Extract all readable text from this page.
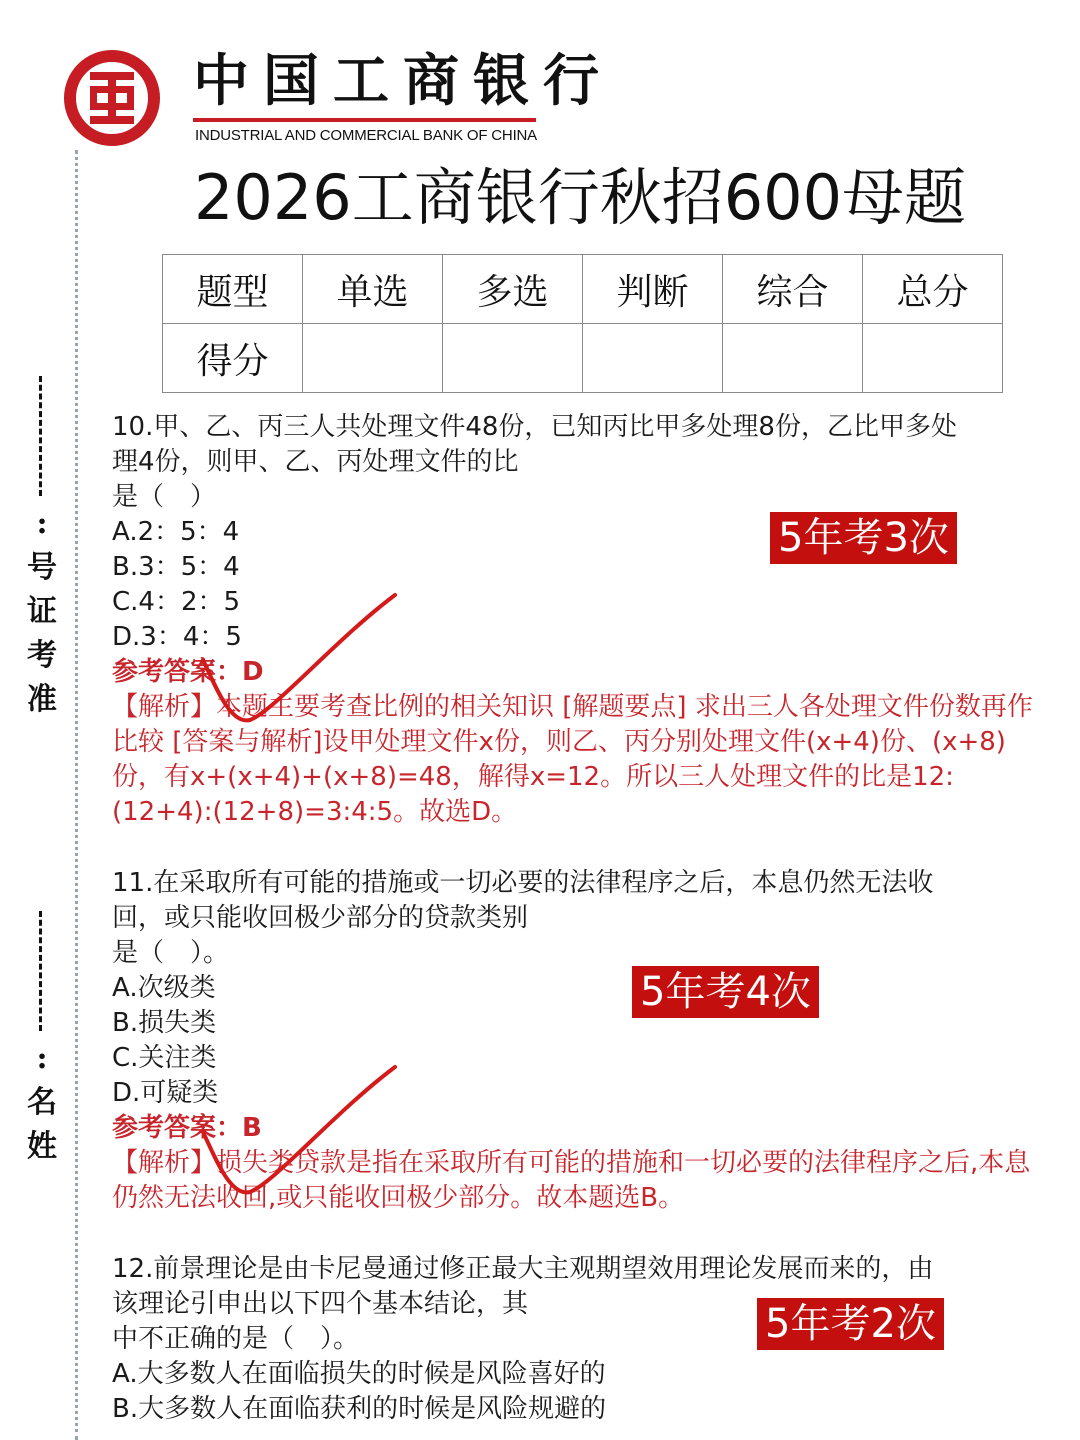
:
号
证
考
准
:
名
姓
中国工商银行
INDUSTRIAL AND COMMERCIAL BANK OF CHINA
2026工商银行秋招600母题
题型	单选	多选	判断	综合	总分
得分					
10.甲、乙、丙三人共处理文件48份，已知丙比甲多处理8份，乙比甲多处
理4份，则甲、乙、丙处理文件的比
是（　）
A.2：5：4
B.3：5：4
C.4：2：5
D.3：4：5
参考答案：D
【解析】本题主要考查比例的相关知识 [解题要点] 求出三人各处理文件份数再作比较 [答案与解析]设甲处理文件x份，则乙、丙分别处理文件(x+4)份、(x+8)份，有x+(x+4)+(x+8)=48，解得x=12。所以三人处理文件的比是12:(12+4):(12+8)=3:4:5。故选D。
5年考3次
11.在采取所有可能的措施或一切必要的法律程序之后，本息仍然无法收
回，或只能收回极少部分的贷款类别
是（　）。
A.次级类
B.损失类
C.关注类
D.可疑类
参考答案：B
【解析】损失类贷款是指在采取所有可能的措施和一切必要的法律程序之后,本息仍然无法收回,或只能收回极少部分。故本题选B。
5年考4次
12.前景理论是由卡尼曼通过修正最大主观期望效用理论发展而来的，由
该理论引申出以下四个基本结论，其
中不正确的是（　）。
A.大多数人在面临损失的时候是风险喜好的
B.大多数人在面临获利的时候是风险规避的
5年考2次
